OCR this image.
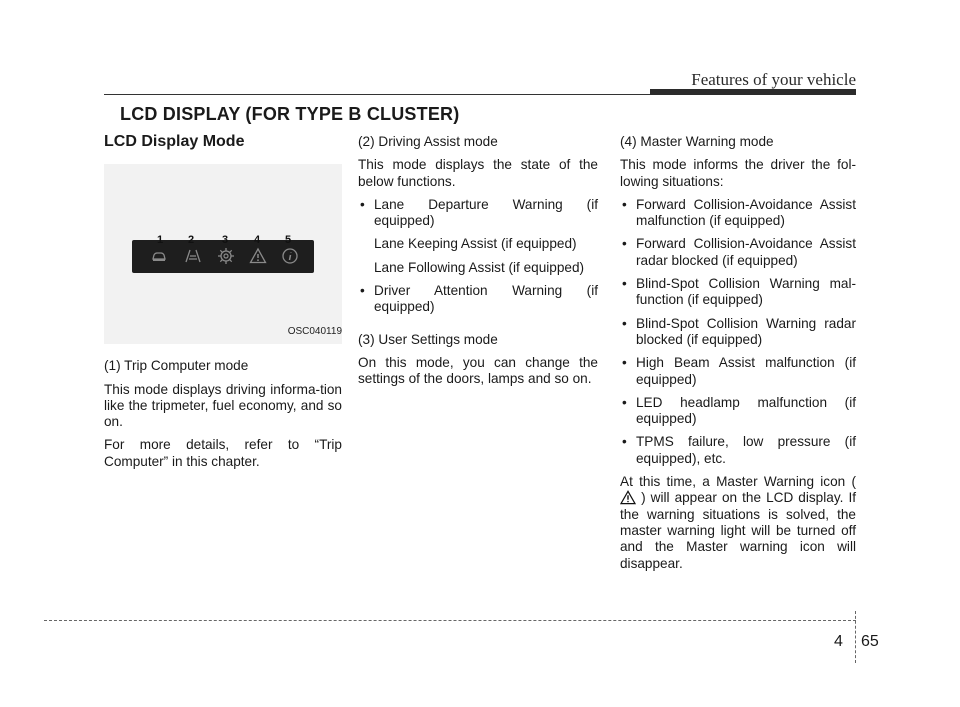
Features of your vehicle
LCD DISPLAY (FOR TYPE B CLUSTER)
LCD Display Mode
1 2	3 4 5
OSC040119

(1) Trip Computer mode

This mode displays driving informa-tion like the tripmeter, fuel economy, and so on.

For more details, refer to “Trip Computer” in this chapter.

(2) Driving Assist mode

This mode displays the state of the below functions.

• Lane Departure Warning (if equipped)

Lane Keeping Assist (if equipped)

Lane Following Assist (if equipped)

• Driver Attention Warning (if equipped)

(3) User Settings mode

On this mode, you can change the settings of the doors, lamps and so on.

(4) Master Warning mode

This mode informs the driver the fol-lowing situations:

• Forward Collision-Avoidance Assist malfunction (if equipped)
• Forward Collision-Avoidance Assist radar blocked (if equipped)
• Blind-Spot Collision Warning mal-function (if equipped)
• Blind-Spot Collision Warning radar blocked (if equipped)
• High Beam Assist malfunction (if equipped)
• LED headlamp malfunction (if equipped)
• TPMS failure, low pressure (if equipped), etc.

At this time, a Master Warning icon (  ) will appear on the LCD display. If the warning situations is solved, the master warning light will be turned off and the Master warning icon will disappear.

4 65
